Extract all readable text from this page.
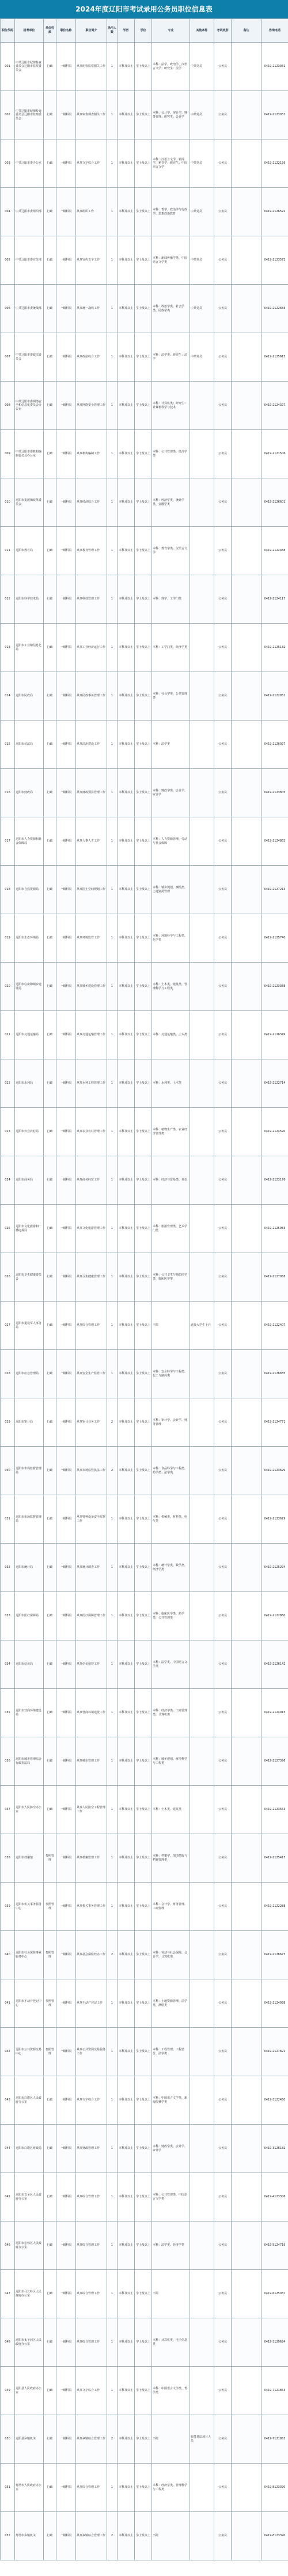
2024年度辽阳市考试录用公务员职位信息表
职位代码	招考单位	单位性质	职位名称	职位简介	录用人数	学历	学位	专业	其他条件	考试类别	备注	咨询电话
001	中共辽阳市纪律检查委员会辽阳市监察委员会	行政	一级科员	从事纪检监察相关工作	1	本科及以上	学士及以上	本科：法学、政治学、汉语言文学；研究生：法学	中共党员	公务员		0419-2123031
002	中共辽阳市纪律检查委员会辽阳市监察委员会	行政	一级科员	从事审查调查相关工作	1	本科及以上	学士及以上	本科：会计学、审计学、财务管理；研究生：会计学	中共党员	公务员		0419-2123031
003	中共辽阳市委办公室	行政	一级科员	从事文字综合工作	1	本科及以上	学士及以上	本科：汉语言文学、新闻学、秘书学；研究生：中国语言文学	中共党员	公务员		0419-2122156
004	中共辽阳市委组织部	行政	一级科员	从事组织工作	1	本科及以上	学士及以上	本科：哲学、政治学与行政学、思想政治教育	中共党员	公务员		0419-2126522
005	中共辽阳市委宣传部	行政	一级科员	从事宣传文字工作	1	本科及以上	学士及以上	本科：新闻传播学类、中国语言文学类	中共党员	公务员		0419-2123572
006	中共辽阳市委统战部	行政	一级科员	从事统一战线工作	1	本科及以上	学士及以上	本科：政治学类、社会学类、民族学类	中共党员	公务员		0419-2122683
007	中共辽阳市委政法委员会	行政	一级科员	从事政法综合工作	1	本科及以上	学士及以上	本科：法学类；研究生：法学	中共党员	公务员		0419-2125615
008	中共辽阳市委网络安全和信息化委员会办公室	行政	一级科员	从事网络安全管理工作	1	本科及以上	学士及以上	本科：计算机类；研究生：计算机科学与技术		公务员		0419-2124327
009	中共辽阳市委机构编制委员会办公室	行政	一级科员	从事机构编制工作	1	本科及以上	学士及以上	本科：公共管理类、经济学类		公务员		0419-2121506
010	辽阳市发展和改革委员会	行政	一级科员	从事经济综合工作	1	本科及以上	学士及以上	本科：经济学类、统计学类、金融学类		公务员		0419-2126601
011	辽阳市教育局	行政	一级科员	从事教育管理工作	1	本科及以上	学士及以上	本科：教育学类、汉语言文学		公务员		0419-2122468
012	辽阳市科学技术局	行政	一级科员	从事科技管理工作	1	本科及以上	学士及以上	本科：理学、工学门类		公务员		0419-2124117
013	辽阳市工业和信息化局	行政	一级科员	从事工业经济运行工作	1	本科及以上	学士及以上	本科：工学门类、经济学类		公务员		0419-2125132
014	辽阳市民政局	行政	一级科员	从事民政事务管理工作	1	本科及以上	学士及以上	本科：社会学类、公共管理类		公务员		0419-2122951
015	辽阳市司法局	行政	一级科员	从事法治建设工作	1	本科及以上	学士及以上	本科：法学类		公务员		0419-2126027
016	辽阳市财政局	行政	一级科员	从事财政预算管理工作	1	本科及以上	学士及以上	本科：财政学类、会计学、审计学		公务员		0419-2123805
017	辽阳市人力资源和社会保障局	行政	一级科员	从事人事人才工作	1	本科及以上	学士及以上	本科：人力资源管理、劳动与社会保障		公务员		0419-2124862
018	辽阳市自然资源局	行政	一级科员	从事国土空间规划工作	1	本科及以上	学士及以上	本科：城乡规划、测绘类、土地资源管理		公务员		0419-2127213
019	辽阳市生态环境局	行政	一级科员	从事环境监管工作	1	本科及以上	学士及以上	本科：环境科学与工程类、化学类		公务员		0419-2125740
020	辽阳市住房和城乡建设局	行政	一级科员	从事城乡建设管理工作	1	本科及以上	学士及以上	本科：土木类、建筑类、管理科学与工程类		公务员		0419-2123368
021	辽阳市交通运输局	行政	一级科员	从事交通运输管理工作	1	本科及以上	学士及以上	本科：交通运输类、土木类		公务员		0419-2126349
022	辽阳市水利局	行政	一级科员	从事水利工程管理工作	1	本科及以上	学士及以上	本科：水利类、土木类		公务员		0419-2122714
023	辽阳市农业农村局	行政	一级科员	从事农业农村管理工作	1	本科及以上	学士及以上	本科：植物生产类、农业经济管理类		公务员		0419-2124590
024	辽阳市商务局	行政	一级科员	从事商务经贸工作	1	本科及以上	学士及以上	本科：经济与贸易类、英语		公务员		0419-2123176
025	辽阳市文化旅游和广播电视局	行政	一级科员	从事文化旅游管理工作	1	本科及以上	学士及以上	本科：旅游管理类、艺术学门类		公务员		0419-2125983
026	辽阳市卫生健康委员会	行政	一级科员	从事卫生健康管理工作	1	本科及以上	学士及以上	本科：公共卫生与预防医学类、临床医学类		公务员		0419-2127058
027	辽阳市退役军人事务局	行政	一级科员	从事综合管理工作	1	本科及以上	学士及以上	不限	退役大学生士兵	公务员		0419-2122407
028	辽阳市应急管理局	行政	一级科员	从事安全生产监管工作	1	本科及以上	学士及以上	本科：安全科学与工程类、化工与制药类		公务员		0419-2126835
029	辽阳市审计局	行政	一级科员	从事审计业务工作	2	本科及以上	学士及以上	本科：审计学、会计学、财务管理		公务员		0419-2124771
030	辽阳市市场监督管理局	行政	一级科员	从事市场监管执法工作	2	本科及以上	学士及以上	本科：食品科学与工程类、药学类、法学类		公务员		0419-2123629
031	辽阳市市场监督管理局	行政	一级科员	从事特种设备安全监察工作	1	本科及以上	学士及以上	本科：机械类、材料类、电气类		公务员		0419-2123629
032	辽阳市统计局	行政	一级科员	从事统计调查工作	1	本科及以上	学士及以上	本科：统计学类、数学类、经济学类		公务员		0419-2125294
033	辽阳市医疗保障局	行政	一级科员	从事医疗保障管理工作	1	本科及以上	学士及以上	本科：临床医学类、药学类、公共管理类		公务员		0419-2122860
034	辽阳市信访局	行政	一级科员	从事信访接待工作	1	本科及以上	学士及以上	本科：法学类、中国语言文学类		公务员		0419-2126142
035	辽阳市营商环境建设局	行政	一级科员	从事营商环境建设工作	1	本科及以上	学士及以上	本科：经济学类、工商管理类、计算机类		公务员		0419-2124015
036	辽阳市城市管理综合行政执法局	行政	一级科员	从事城市管理工作	1	本科及以上	学士及以上	本科：城乡规划、环境科学与工程类		公务员		0419-2127396
037	辽阳市人民防空办公室	行政	一级科员	从事人民防空工程管理工作	1	本科及以上	学士及以上	本科：土木类、建筑类		公务员		0419-2123553
038	辽阳市档案馆	参照管理	一级科员	从事档案管理工作	1	本科及以上	学士及以上	本科：档案学、图书情报与档案管理类		公务员		0419-2125417
039	辽阳市机关事务服务中心	参照管理	一级科员	从事机关事务管理工作	1	本科及以上	学士及以上	本科：会计学、财务管理、工商管理		公务员		0419-2122288
040	辽阳市社会保险事业服务中心	参照管理	一级科员	从事社会保险经办工作	2	本科及以上	学士及以上	本科：劳动与社会保障、会计学、计算机类		公务员		0419-2126673
041	辽阳市不动产登记中心	参照管理	一级科员	从事不动产登记工作	1	本科及以上	学士及以上	本科：土地资源管理、法学类、测绘类		公务员		0419-2124938
042	辽阳市公共资源交易中心	参照管理	一级科员	从事公共资源交易服务工作	1	本科及以上	学士及以上	本科：工程管理、工程造价、法学类		公务员		0419-2127821
043	辽阳市白塔区人民政府办公室	行政	一级科员	从事文字综合工作	1	本科及以上	学士及以上	本科：中国语言文学类、新闻传播学类		公务员		0419-3122450
044	辽阳市白塔区财政局	行政	一级科员	从事财政管理工作	1	本科及以上	学士及以上	本科：财政学类、会计学、审计学		公务员		0419-3126182
045	辽阳市文圣区人民政府办公室	行政	一级科员	从事综合管理工作	1	本科及以上	学士及以上	本科：公共管理类、中国语言文学类		公务员		0419-4123306
046	辽阳市宏伟区人民政府办公室	行政	一级科员	从事综合管理工作	1	本科及以上	学士及以上	本科：法学类、经济学类		公务员		0419-5124719
047	辽阳市弓长岭区人民政府办公室	行政	一级科员	从事综合管理工作	1	本科及以上	学士及以上	不限		公务员		0419-6125037
048	辽阳市太子河区人民政府办公室	行政	一级科员	从事综合管理工作	1	本科及以上	学士及以上	本科：计算机类、电子信息类		公务员		0419-3129624
049	辽阳县人民政府办公室	行政	一级科员	从事文字综合工作	1	本科及以上	学士及以上	本科：中国语言文学类、哲学类		公务员		0419-7121853
050	辽阳县乡镇机关	行政	一级科员	从事乡镇综合管理工作	2	本科及以上	学士及以上	不限	服务基层项目人员	公务员		0419-7121853
051	灯塔市人民政府办公室	行政	一级科员	从事综合管理工作	1	本科及以上	学士及以上	本科：经济学类、管理科学与工程类		公务员		0419-8123390
052	灯塔市乡镇机关	行政	一级科员	从事乡镇综合管理工作	2	本科及以上	学士及以上	不限		公务员		0419-8123390
